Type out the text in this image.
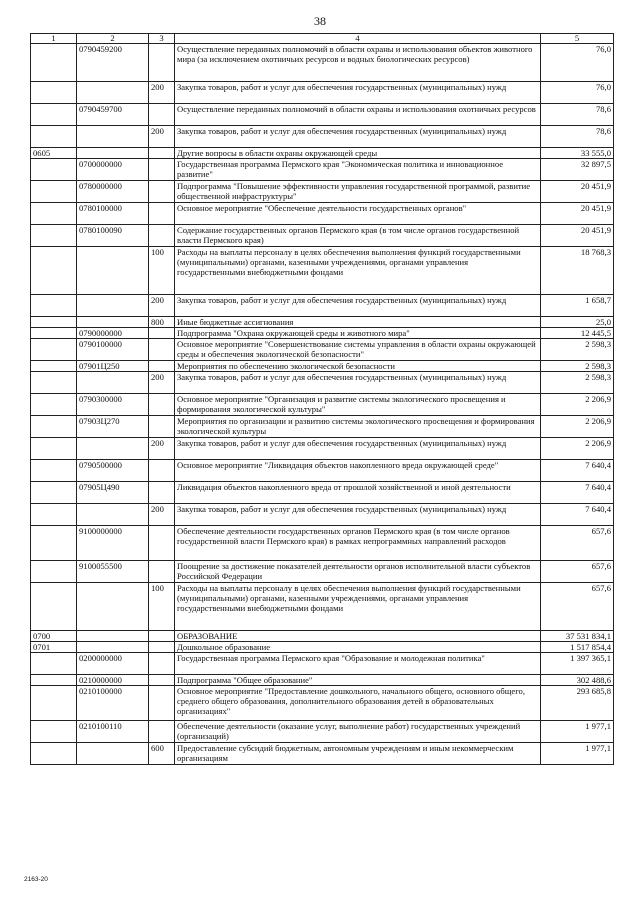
38
1	2	3	4	5
	0790459200		Осуществление переданных полномочий в области охраны и использования объектов животного мира (за исключением охотничьих ресурсов и водных биологических ресурсов)	76,0
		200	Закупка товаров, работ и услуг для обеспечения государственных (муниципальных) нужд	76,0
	0790459700		Осуществление переданных полномочий в области охраны и использования охотничьих ресурсов	78,6
		200	Закупка товаров, работ и услуг для обеспечения государственных (муниципальных) нужд	78,6
0605			Другие вопросы в области охраны окружающей среды	33 555,0
	0700000000		Государственная программа Пермского края "Экономическая политика и инновационное развитие"	32 897,5
	0780000000		Подпрограмма "Повышение эффективности управления государственной программой, развитие общественной инфраструктуры"	20 451,9
	0780100000		Основное мероприятие "Обеспечение деятельности государственных органов"	20 451,9
	0780100090		Содержание государственных органов Пермского края (в том числе органов государственной власти Пермского края)	20 451,9
		100	Расходы на выплаты персоналу в целях обеспечения выполнения функций государственными (муниципальными) органами, казенными учреждениями, органами управления государственными внебюджетными фондами	18 768,3
		200	Закупка товаров, работ и услуг для обеспечения государственных (муниципальных) нужд	1 658,7
		800	Иные бюджетные ассигнования	25,0
	0790000000		Подпрограмма "Охрана окружающей среды и животного мира"	12 445,5
	0790100000		Основное мероприятие "Совершенствование системы управления в области охраны окружающей среды и обеспечения экологической безопасности"	2 598,3
	07901Ц250		Мероприятия по обеспечению экологической безопасности	2 598,3
		200	Закупка товаров, работ и услуг для обеспечения государственных (муниципальных) нужд	2 598,3
	0790300000		Основное мероприятие "Организация и развитие системы экологического просвещения и формирования экологической культуры"	2 206,9
	07903Ц270		Мероприятия по организации и развитию системы экологического просвещения и формирования экологической культуры	2 206,9
		200	Закупка товаров, работ и услуг для обеспечения государственных (муниципальных) нужд	2 206,9
	0790500000		Основное мероприятие "Ликвидация объектов накопленного вреда окружающей среде"	7 640,4
	07905Ц490		Ликвидация объектов накопленного вреда от прошлой хозяйственной и иной деятельности	7 640,4
		200	Закупка товаров, работ и услуг для обеспечения государственных (муниципальных) нужд	7 640,4
	9100000000		Обеспечение деятельности государственных органов Пермского края (в том числе органов государственной власти Пермского края) в рамках непрограммных направлений расходов	657,6
	9100055500		Поощрение за достижение показателей деятельности органов исполнительной власти субъектов Российской Федерации	657,6
		100	Расходы на выплаты персоналу в целях обеспечения выполнения функций государственными (муниципальными) органами, казенными учреждениями, органами управления государственными внебюджетными фондами	657,6
0700			ОБРАЗОВАНИЕ	37 531 834,1
0701			Дошкольное образование	1 517 854,4
	0200000000		Государственная программа Пермского края "Образование и молодежная политика"	1 397 365,1
	0210000000		Подпрограмма "Общее образование"	302 488,6
	0210100000		Основное мероприятие "Предоставление дошкольного, начального общего, основного общего, среднего общего образования, дополнительного образования детей в образовательных организациях"	293 685,8
	0210100110		Обеспечение деятельности (оказание услуг, выполнение работ) государственных учреждений (организаций)	1 977,1
		600	Предоставление субсидий бюджетным, автономным учреждениям и иным некоммерческим организациям	1 977,1
2163-20
